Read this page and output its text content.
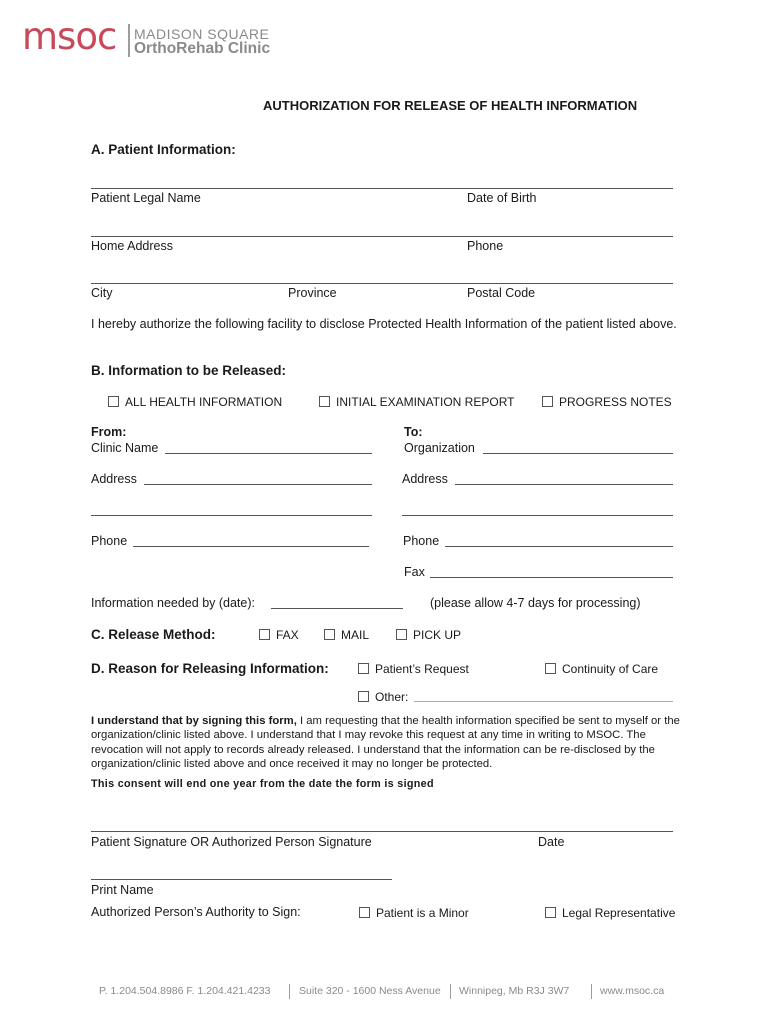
msoc MADISON SQUARE
OrthoRehab Clinic
AUTHORIZATION FOR RELEASE OF HEALTH INFORMATION
A. Patient Information:
Patient Legal Name	Date of Birth
Home Address	Phone
City	Province	Postal Code
I hereby authorize the following facility to disclose Protected Health Information of the patient listed above.
B. Information to be Released:
ALL HEALTH INFORMATION	INITIAL EXAMINATION REPORT	PROGRESS NOTES
From:	To:
Clinic Name	Organization
Address	Address
Phone	Phone
Fax
Information needed by (date):	(please allow 4-7 days for processing)
C. Release Method:	FAX	MAIL	PICK UP
D. Reason for Releasing Information:	Patient’s Request	Continuity of Care
Other:
I understand that by signing this form, I am requesting that the health information specified be sent to myself or the organization/clinic listed above. I understand that I may revoke this request at any time in writing to MSOC. The revocation will not apply to records already released. I understand that the information can be re-disclosed by the organization/clinic listed above and once received it may no longer be protected.
This consent will end one year from the date the form is signed
Patient Signature OR Authorized Person Signature	Date
Print Name
Authorized Person’s Authority to Sign:	Patient is a Minor	Legal Representative
P. 1.204.504.8986 F. 1.204.421.4233	Suite 320 - 1600 Ness Avenue Winnipeg, Mb R3J 3W7	www.msoc.ca
